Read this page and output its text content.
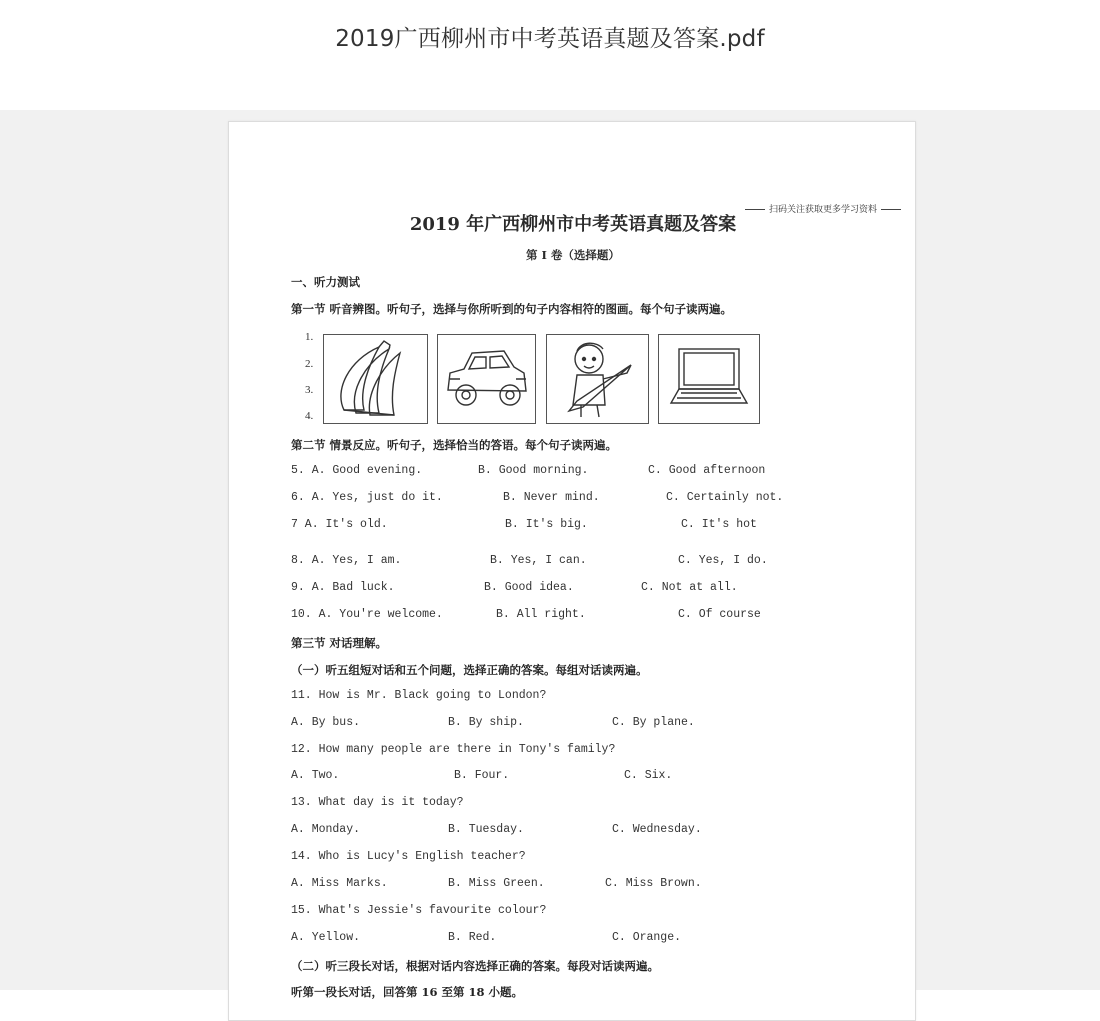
2019广西柳州市中考英语真题及答案.pdf
扫码关注获取更多学习资料
2019 年广西柳州市中考英语真题及答案
第 I 卷（选择题）
一、听力测试
第一节 听音辨图。听句子，选择与你所听到的句子内容相符的图画。每个句子读两遍。
1.
2.
3.
4.
第二节 情景反应。听句子，选择恰当的答语。每个句子读两遍。
5. A. Good evening.	B. Good morning.	C. Good afternoon
6. A. Yes, just do it.	B. Never mind.	C. Certainly not.
7 A. It's old.	B. It's big.	C. It's hot
8. A. Yes, I am.	B. Yes, I can.	C. Yes, I do.
9. A. Bad luck.	B. Good idea.	C. Not at all.
10. A. You're welcome.	B. All right.	C. Of course
第三节 对话理解。
（一）听五组短对话和五个问题，选择正确的答案。每组对话读两遍。
11. How is Mr. Black going to London?
A. By bus.	B. By ship.	C. By plane.
12. How many people are there in Tony's family?
A. Two.	B. Four.	C. Six.
13. What day is it today?
A. Monday.	B. Tuesday.	C. Wednesday.
14. Who is Lucy's English teacher?
A. Miss Marks.	B. Miss Green.	C. Miss Brown.
15. What's Jessie's favourite colour?
A. Yellow.	B. Red.	C. Orange.
（二）听三段长对话，根据对话内容选择正确的答案。每段对话读两遍。
听第一段长对话，回答第 16 至第 18 小题。
